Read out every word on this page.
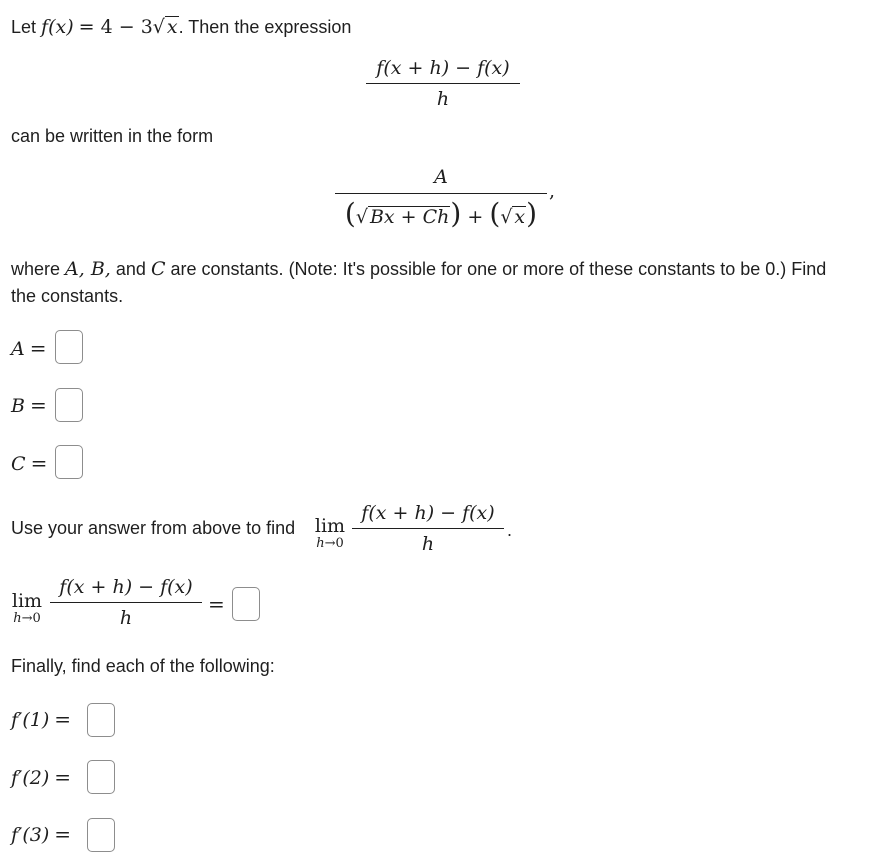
Let f(x) = 4 − 3√ x. Then the expression
f(x + h) − f(x)
h
can be written in the form
A
(√ Bx + Ch) + (√ x)
,
where A, B, and C are constants. (Note: It's possible for one or more of these constants to be 0.) Find
the constants.
A =
B =
C =
Use your answer from above to find lim
h→0
f(x + h) − f(x)
h
.
lim
h→0
f(x + h) − f(x)
h
=
Finally, find each of the following:
f′(1) =
f′(2) =
f′(3) =
